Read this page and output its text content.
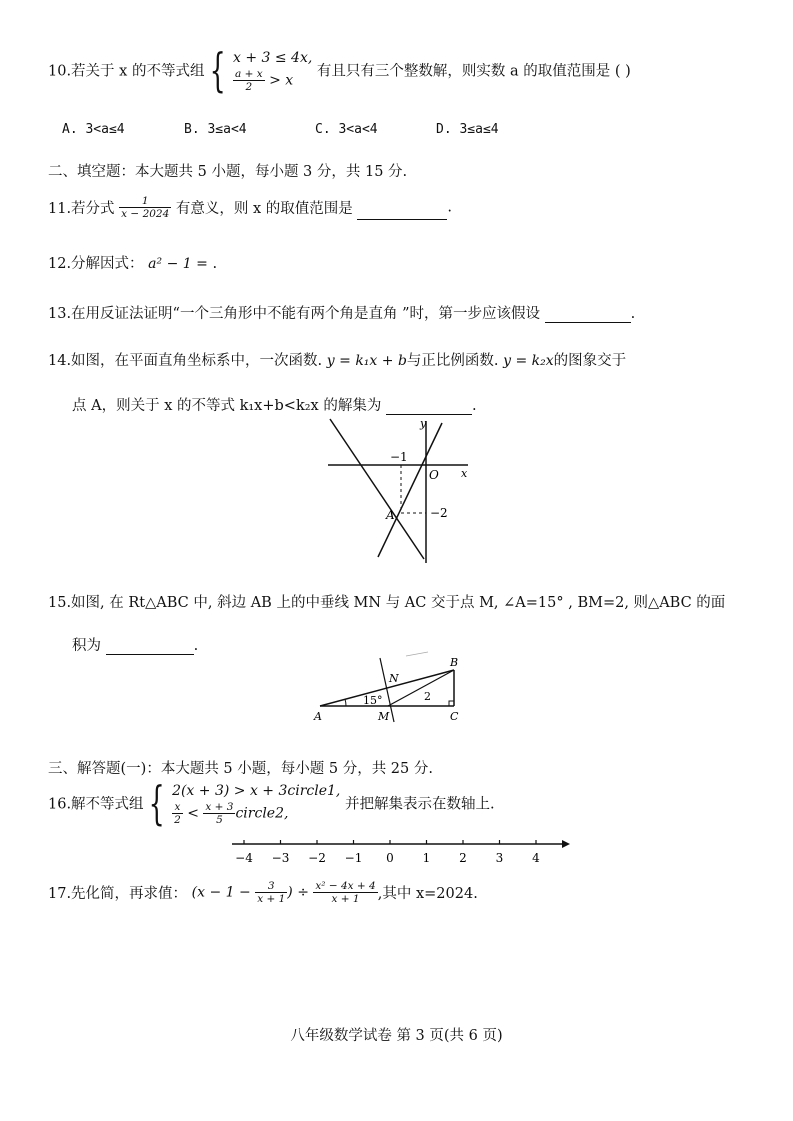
10.若关于 x 的不等式组 { x + 3 ≤ 4x,
$\frac{a + x}{2} > x$
有且只有三个整数解，则实数 a 的取值范围是 ( )
A. 3<a≤4	B. 3≤a<4	C. 3<a<4	D. 3≤a≤4
二、填空题：本大题共 5 小题，每小题 3 分，共 15 分.
11.若分式 $\frac{1}{x - 2024}$ 有意义，则 x 的取值范围是	.
12.分解因式： a² − 1 = .
13.在用反证法证明“一个三角形中不能有两个角是直角 ”时，第一步应该假设	.
14.如图，在平面直角坐标系中，一次函数. y = k₁x + b与正比例函数. y = k₂x的图象交于
点 A，则关于 x 的不等式 k₁x+b<k₂x 的解集为	.
y
x
O
−1
A	−2
15.如图, 在 Rt△ABC 中, 斜边 AB 上的中垂线 MN 与 AC 交于点 M, ∠A=15° , BM=2, 则△ABC 的面
积为	.
A
B
C
M
N
15°	2
三、解答题(一)：本大题共 5 小题，每小题 5 分，共 25 分.
16.解不等式组 { 2(x + 3) > x + 3circle1,
$\frac{x}{2} < \frac{x + 3}{5}$ circle2,
并把解集表示在数轴上.
−4 −3 −2 −1 0 1 2 3 4
17.先化简，再求值： ($x - 1 - \frac{3}{x + 1}$ ) ÷ $\frac{\text{x² − 4x + 4}}{x + 1}$ ,其中 x=2024.
八年级数学试卷 第 3 页(共 6 页)
